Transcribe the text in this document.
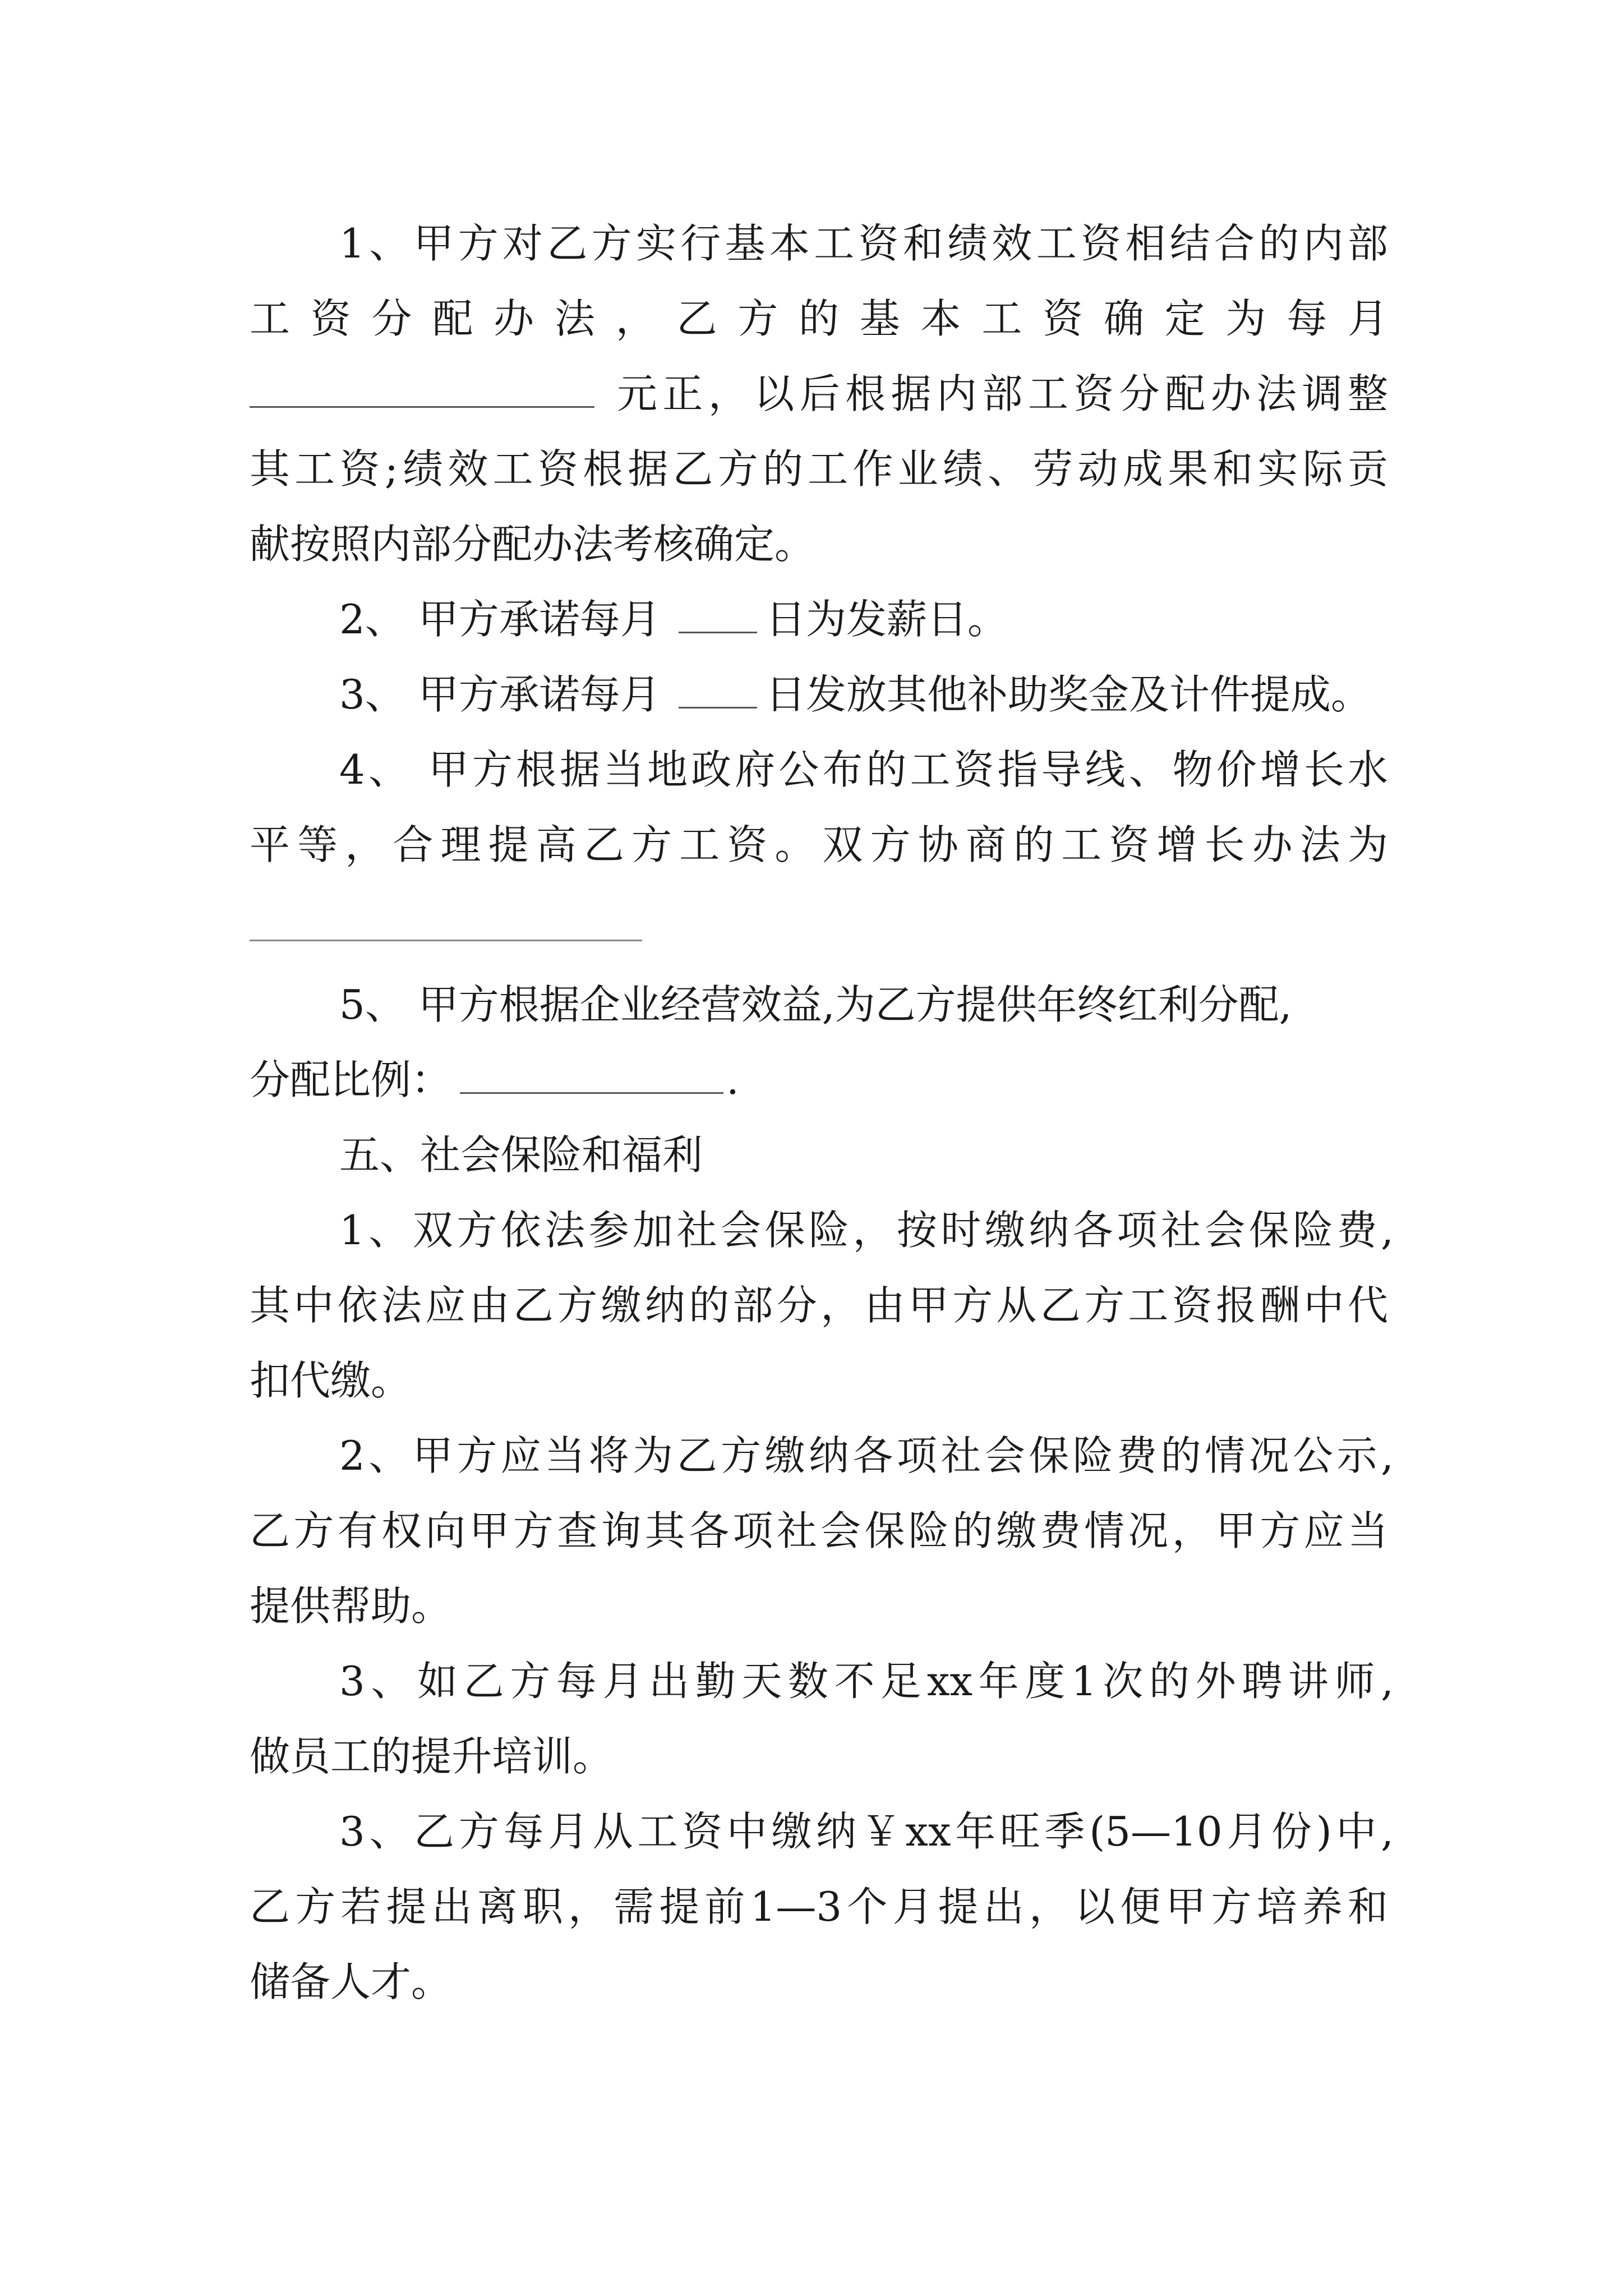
1、甲方对乙方实行基本工资和绩效工资相结合的内部
工资分配办法，乙方的基本工资确定为每月
元正，以后根据内部工资分配办法调整
其工资;绩效工资根据乙方的工作业绩、劳动成果和实际贡
献按照内部分配办法考核确定。
2、 甲方承诺每月	日为发薪日。
3、 甲方承诺每月	日发放其他补助奖金及计件提成。
4、 甲方根据当地政府公布的工资指导线、物价增长水
平等，合理提高乙方工资。双方协商的工资增长办法为
5、 甲方根据企业经营效益,为乙方提供年终红利分配,
分配比例：	.
五、社会保险和福利
1、双方依法参加社会保险，按时缴纳各项社会保险费,
其中依法应由乙方缴纳的部分，由甲方从乙方工资报酬中代
扣代缴。
2、甲方应当将为乙方缴纳各项社会保险费的情况公示,
乙方有权向甲方查询其各项社会保险的缴费情况，甲方应当
提供帮助。
3、如乙方每月出勤天数不足xx年度1次的外聘讲师,
做员工的提升培训。
3、乙方每月从工资中缴纳￥xx年旺季(5—10月份)中,
乙方若提出离职，需提前1—3个月提出，以便甲方培养和
储备人才。
